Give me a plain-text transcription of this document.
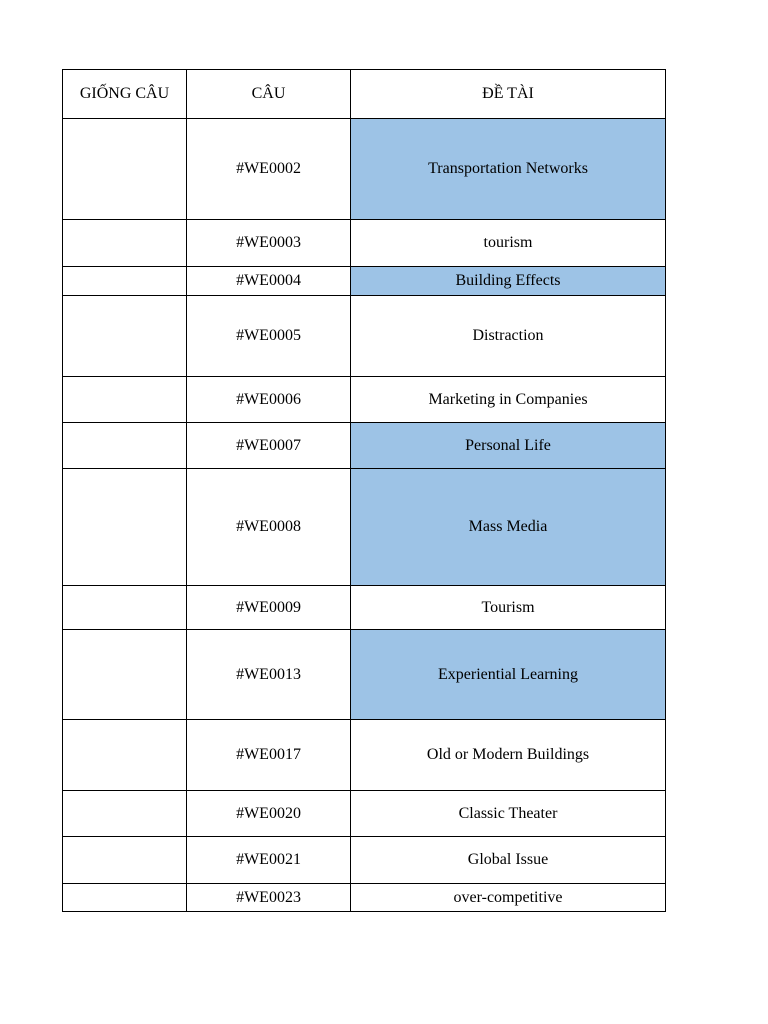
GIỐNG CÂU	CÂU	ĐỀ TÀI
	#WE0002	Transportation Networks
	#WE0003	tourism
	#WE0004	Building Effects
	#WE0005	Distraction
	#WE0006	Marketing in Companies
	#WE0007	Personal Life
	#WE0008	Mass Media
	#WE0009	Tourism
	#WE0013	Experiential Learning
	#WE0017	Old or Modern Buildings
	#WE0020	Classic Theater
	#WE0021	Global Issue
	#WE0023	over-competitive
